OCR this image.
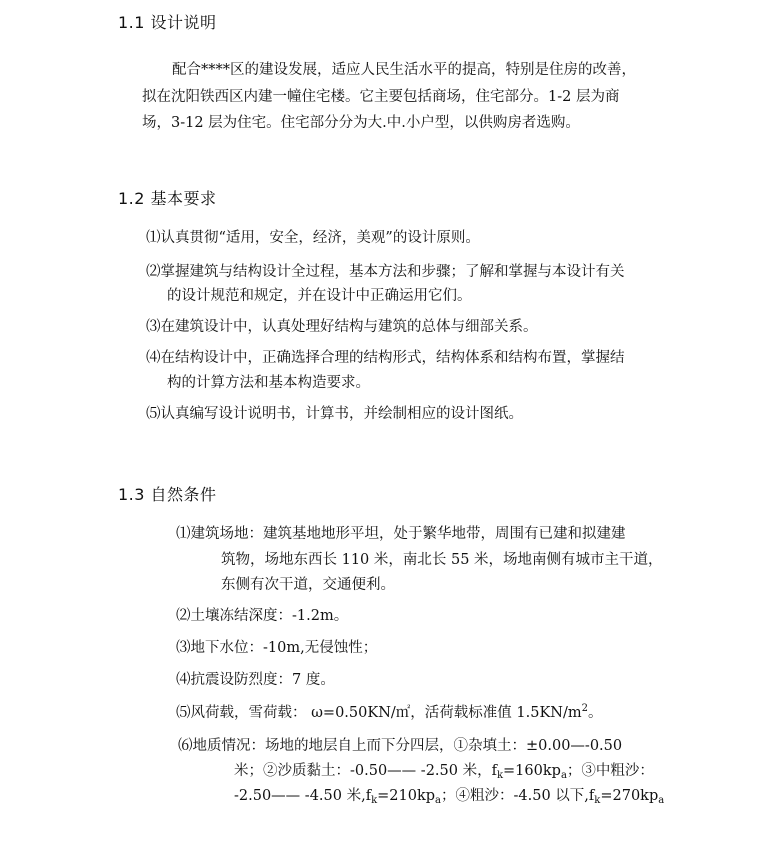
1.1 设计说明
配合****区的建设发展，适应人民生活水平的提高，特别是住房的改善，
拟在沈阳铁西区内建一幢住宅楼。它主要包括商场，住宅部分。1-2 层为商
场，3-12 层为住宅。住宅部分分为大.中.小户型，以供购房者选购。
1.2 基本要求
⑴认真贯彻“适用，安全，经济，美观”的设计原则。
⑵掌握建筑与结构设计全过程，基本方法和步骤；了解和掌握与本设计有关
的设计规范和规定，并在设计中正确运用它们。
⑶在建筑设计中，认真处理好结构与建筑的总体与细部关系。
⑷在结构设计中，正确选择合理的结构形式，结构体系和结构布置，掌握结
构的计算方法和基本构造要求。
⑸认真编写设计说明书，计算书，并绘制相应的设计图纸。
1.3 自然条件
⑴建筑场地：建筑基地地形平坦，处于繁华地带，周围有已建和拟建建
筑物，场地东西长 110 米，南北长 55 米，场地南侧有城市主干道，
东侧有次干道，交通便利。
⑵土壤冻结深度：-1.2m。
⑶地下水位：-10m,无侵蚀性；
⑷抗震设防烈度：7 度。
⑸风荷载，雪荷载： ω=0.50KN/㎡，活荷载标准值 $1.5KN/m^2$。
⑹地质情况：场地的地层自上而下分四层，①杂填土：±0.00—-0.50
米；②沙质黏土：-0.50—— -2.50 米，$f_k=160kp_a$；③中粗沙：
-2.50—— -4.50 米$,f_k=210kp_a$；④粗沙：-4.50 以下$,f_k=270kp_a$
